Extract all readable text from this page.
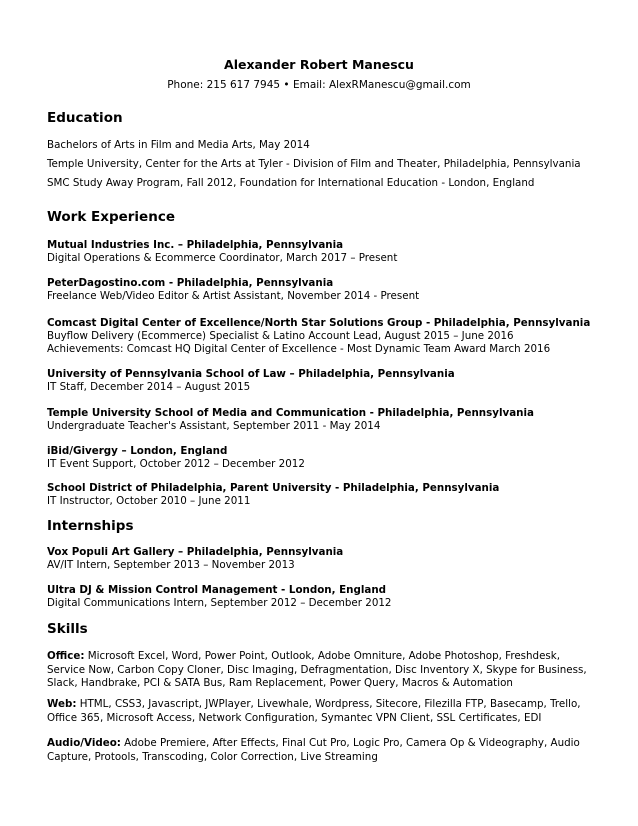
Alexander Robert Manescu
Phone: 215 617 7945 • Email: AlexRManescu@gmail.com
Education
Bachelors of Arts in Film and Media Arts, May 2014
Temple University, Center for the Arts at Tyler - Division of Film and Theater, Philadelphia, Pennsylvania
SMC Study Away Program, Fall 2012, Foundation for International Education - London, England
Work Experience
Mutual Industries Inc. – Philadelphia, Pennsylvania
Digital Operations & Ecommerce Coordinator, March 2017 – Present
PeterDagostino.com - Philadelphia, Pennsylvania
Freelance Web/Video Editor & Artist Assistant, November 2014 - Present
Comcast Digital Center of Excellence/North Star Solutions Group - Philadelphia, Pennsylvania
Buyflow Delivery (Ecommerce) Specialist & Latino Account Lead, August 2015 – June 2016
Achievements: Comcast HQ Digital Center of Excellence - Most Dynamic Team Award March 2016
University of Pennsylvania School of Law – Philadelphia, Pennsylvania
IT Staff, December 2014 – August 2015
Temple University School of Media and Communication - Philadelphia, Pennsylvania
Undergraduate Teacher's Assistant, September 2011 - May 2014
iBid/Givergy – London, England
IT Event Support, October 2012 – December 2012
School District of Philadelphia, Parent University - Philadelphia, Pennsylvania
IT Instructor, October 2010 – June 2011
Internships
Vox Populi Art Gallery – Philadelphia, Pennsylvania
AV/IT Intern, September 2013 – November 2013
Ultra DJ & Mission Control Management - London, England
Digital Communications Intern, September 2012 – December 2012
Skills
Office: Microsoft Excel, Word, Power Point, Outlook, Adobe Omniture, Adobe Photoshop, Freshdesk, Service Now, Carbon Copy Cloner, Disc Imaging, Defragmentation, Disc Inventory X, Skype for Business, Slack, Handbrake, PCI & SATA Bus, Ram Replacement, Power Query, Macros & Automation
Web: HTML, CSS3, Javascript, JWPlayer, Livewhale, Wordpress, Sitecore, Filezilla FTP, Basecamp, Trello, Office 365, Microsoft Access, Network Configuration, Symantec VPN Client, SSL Certificates, EDI
Audio/Video: Adobe Premiere, After Effects, Final Cut Pro, Logic Pro, Camera Op & Videography, Audio Capture, Protools, Transcoding, Color Correction, Live Streaming
